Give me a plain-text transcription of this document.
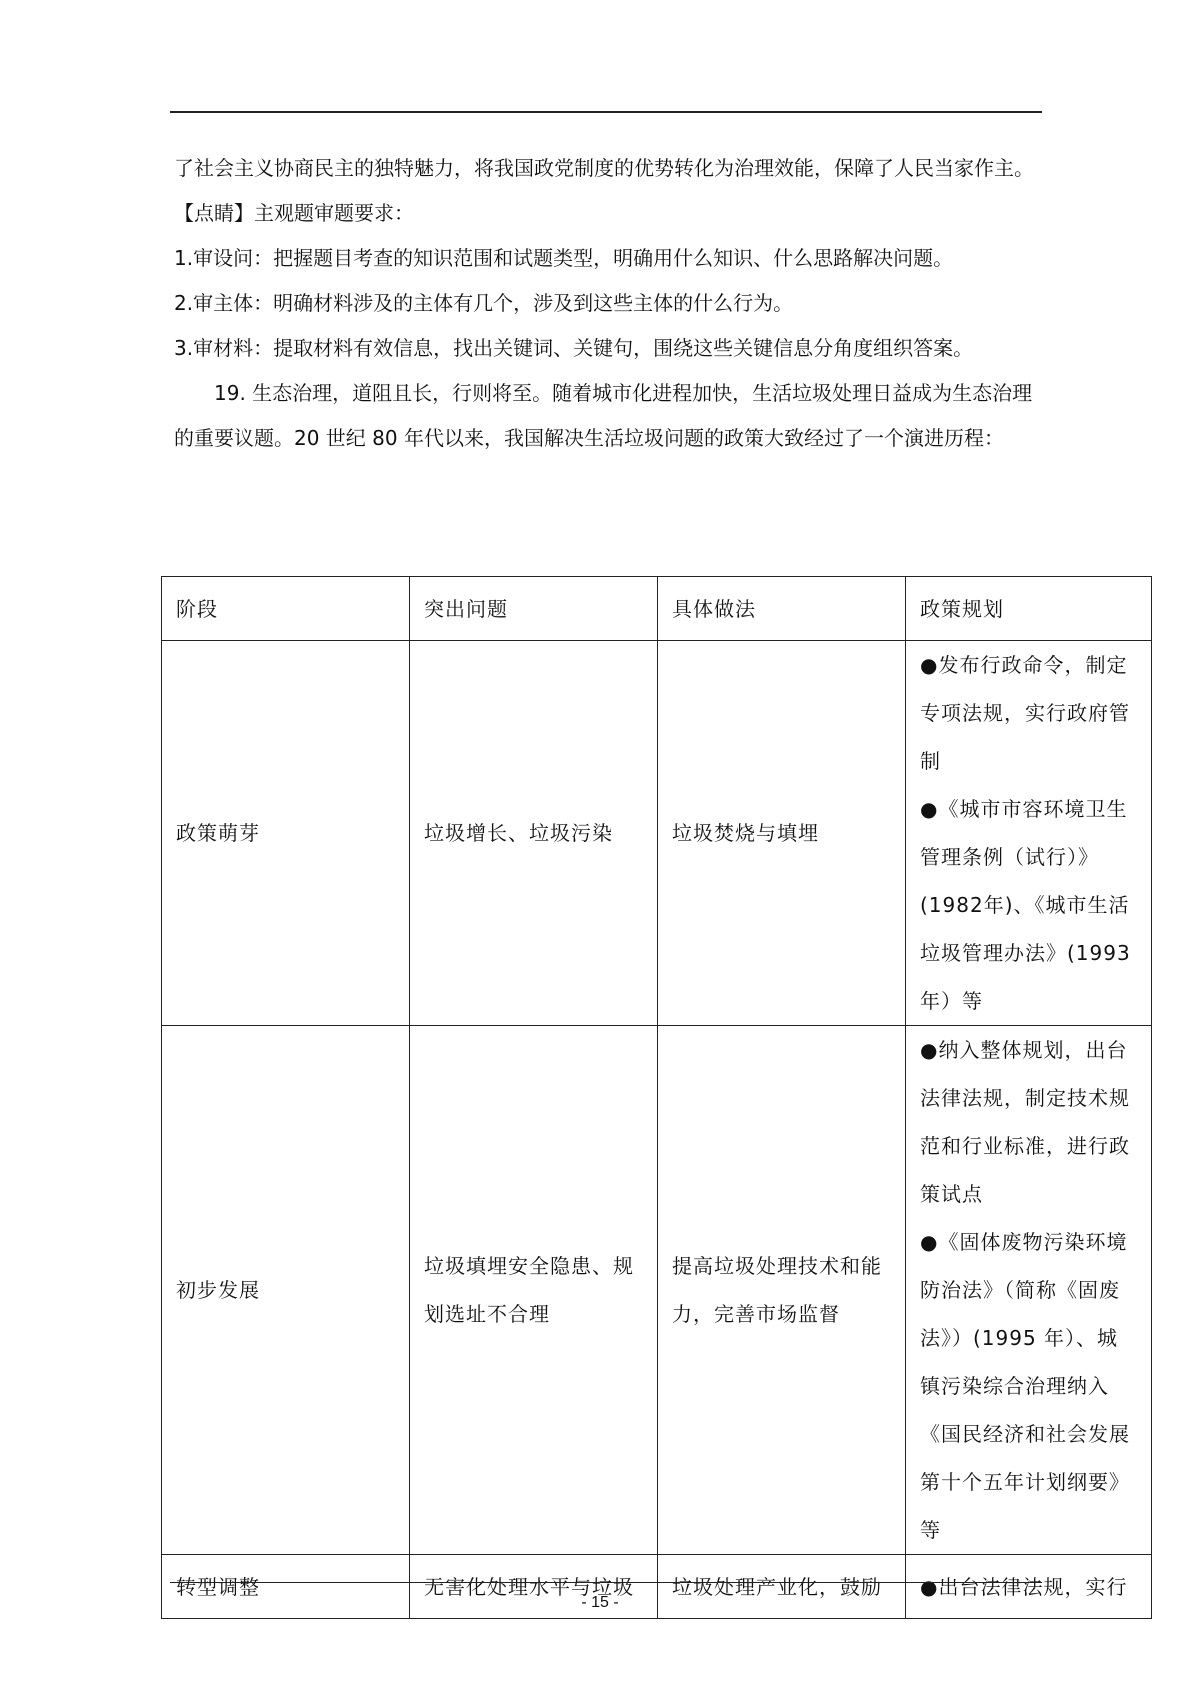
了社会主义协商民主的独特魅力，将我国政党制度的优势转化为治理效能，保障了人民当家作主。

【点睛】主观题审题要求：

1.审设问：把握题目考查的知识范围和试题类型，明确用什么知识、什么思路解决问题。

2.审主体：明确材料涉及的主体有几个，涉及到这些主体的什么行为。

3.审材料：提取材料有效信息，找出关键词、关键句，围绕这些关键信息分角度组织答案。

19. 生态治理，道阻且长，行则将至。随着城市化进程加快，生活垃圾处理日益成为生态治理的重要议题。20 世纪 80 年代以来，我国解决生活垃圾问题的政策大致经过了一个演进历程：

阶段	突出问题	具体做法	政策规划
政策萌芽	垃圾增长、垃圾污染	垃圾焚烧与填埋	●发布行政命令，制定专项法规，实行政府管制
●《城市市容环境卫生管理条例（试行）》(1982年)、《城市生活垃圾管理办法》(1993 年）等

初步发展	垃圾填埋安全隐患、规划选址不合理	提高垃圾处理技术和能力，完善市场监督	●纳入整体规划，出台法律法规，制定技术规范和行业标准，进行政策试点
●《固体废物污染环境防治法》（简称《固废法》）(1995 年）、城镇污染综合治理纳入《国民经济和社会发展第十个五年计划纲要》等

转型调整	无害化处理水平与垃圾	垃圾处理产业化，鼓励	●出台法律法规，实行
- 15 -
